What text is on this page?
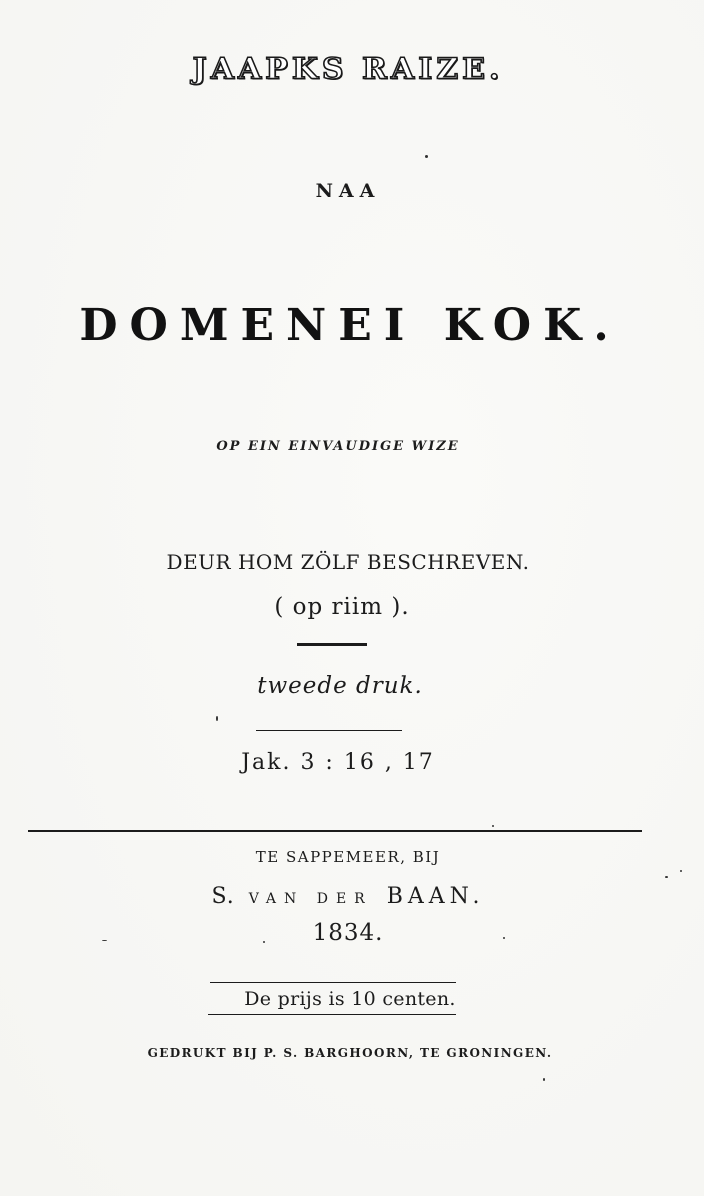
JAAPKS RAIZE.
NAA
DOMENEI KOK.
OP EIN EINVAUDIGE WIZE
DEUR HOM ZÖLF BESCHREVEN.
( op riim ).
tweede druk.
Jak. 3 : 16 , 17
TE SAPPEMEER, BIJ
S. VAN DER BAAN.
1834.
De prijs is 10 centen.
GEDRUKT BIJ P. S. BARGHOORN, TE GRONINGEN.
